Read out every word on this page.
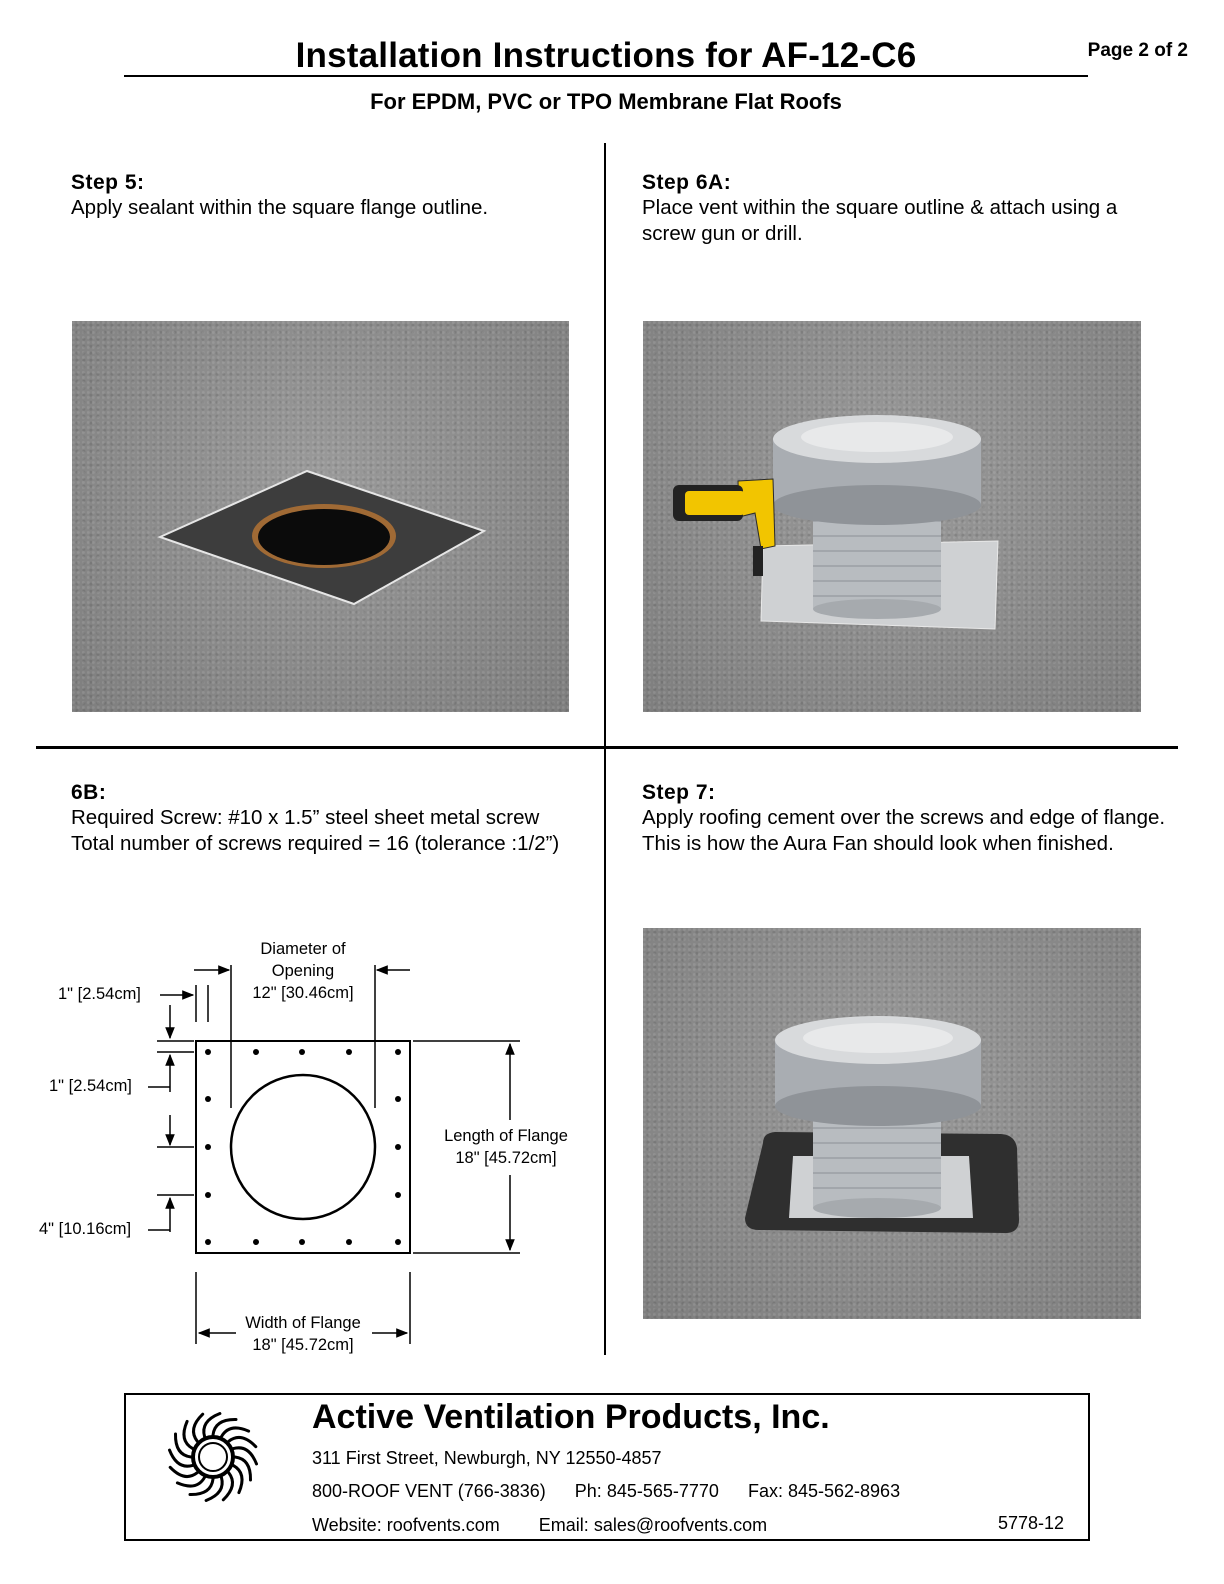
Installation Instructions for AF-12-C6	Page 2 of 2
For EPDM, PVC or TPO Membrane Flat Roofs
Step 5:
Apply sealant within the square flange outline.
Step 6A:
Place vent within the square outline & attach using a screw gun or drill.
6B:
Required Screw: #10 x 1.5” steel sheet metal screw
Total number of screws required = 16 (tolerance :1/2”)
Diameter of
Opening
12" [30.46cm]
1" [2.54cm]
1" [2.54cm]
4" [10.16cm]
Length of Flange
18" [45.72cm]
Width of Flange
18" [45.72cm]
Step 7:
Apply roofing cement over the screws and edge of flange. This is how the Aura Fan should look when finished.
Active Ventilation Products, Inc.
311 First Street, Newburgh, NY 12550-4857
800-ROOF VENT (766-3836) Ph: 845-565-7770 Fax: 845-562-8963
Website: roofvents.com Email: sales@roofvents.com	5778-12
